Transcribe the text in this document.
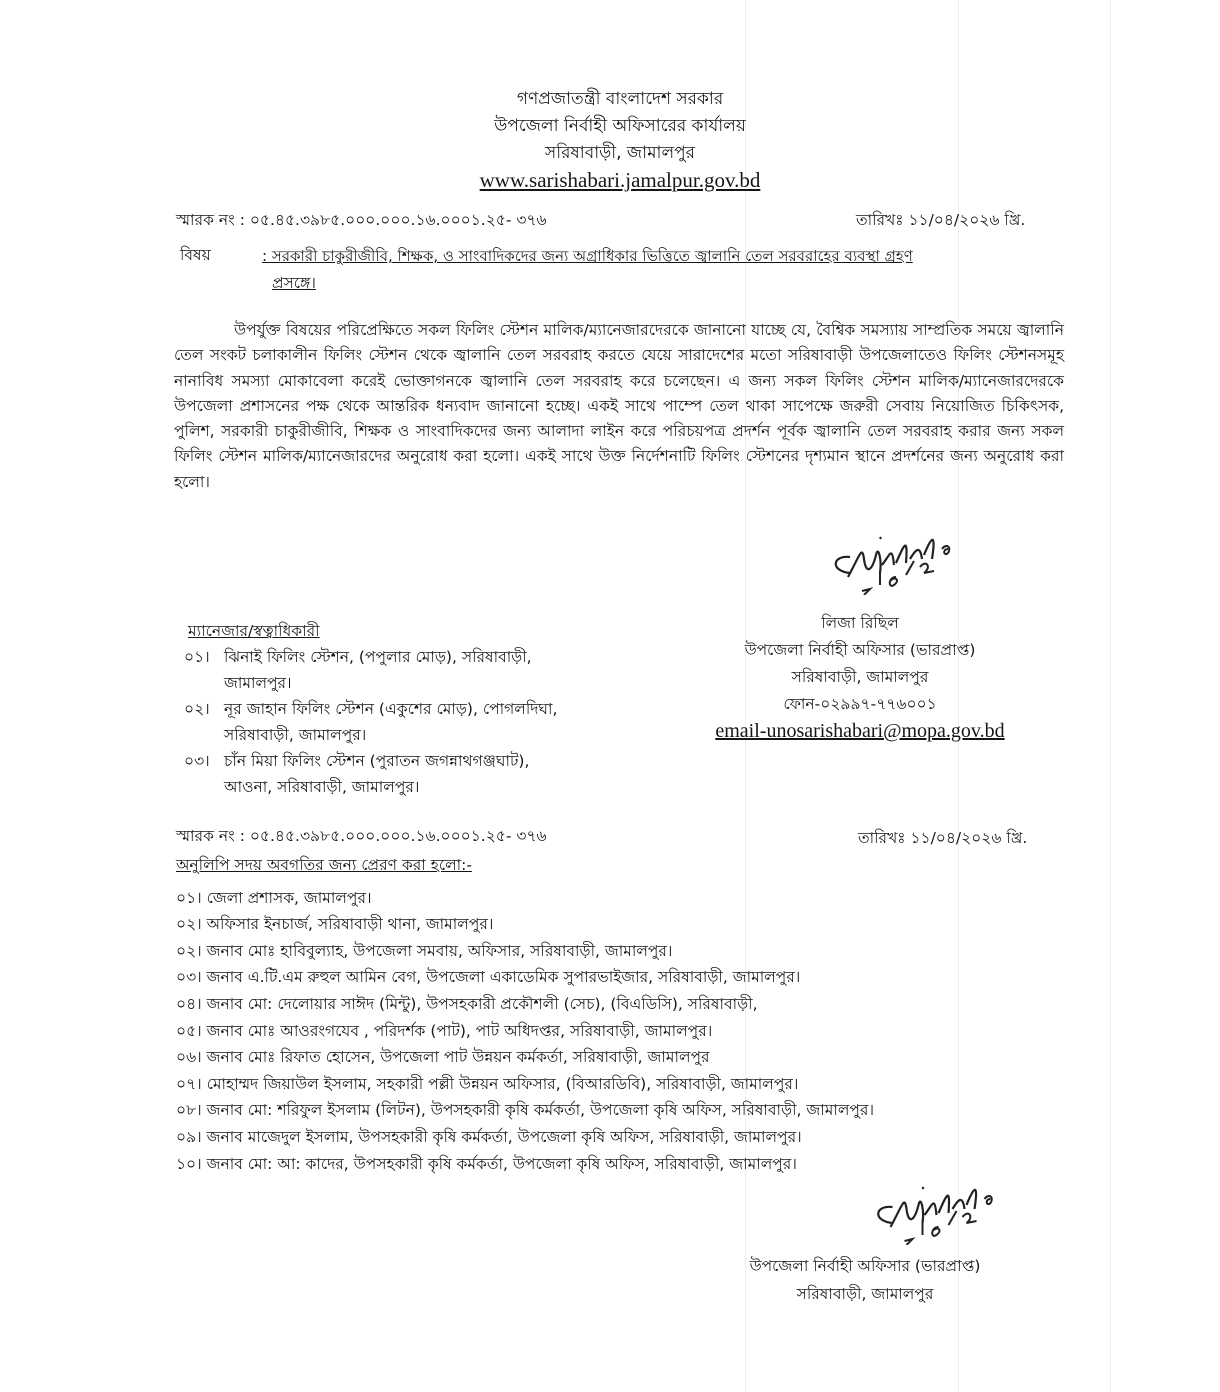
গণপ্রজাতন্ত্রী বাংলাদেশ সরকার
উপজেলা নির্বাহী অফিসারের কার্যালয়
সরিষাবাড়ী, জামালপুর
www.sarishabari.jamalpur.gov.bd
স্মারক নং : ০৫.৪৫.৩৯৮৫.০০০.০০০.১৬.০০০১.২৫- ৩৭৬	তারিখঃ ১১/০৪/২০২৬ খ্রি.
বিষয়	: সরকারী চাকুরীজীবি, শিক্ষক, ও সাংবাদিকদের জন্য অগ্রাধিকার ভিত্তিতে জ্বালানি তেল সরবরাহের ব্যবস্থা গ্রহণ
প্রসঙ্গে।
উপর্যুক্ত বিষয়ের পরিপ্রেক্ষিতে সকল ফিলিং স্টেশন মালিক/ম্যানেজারদেরকে জানানো যাচ্ছে যে, বৈশ্বিক সমস্যায় সাম্প্রতিক সময়ে জ্বালানি তেল সংকট চলাকালীন ফিলিং স্টেশন থেকে জ্বালানি তেল সরবরাহ করতে যেয়ে সারাদেশের মতো সরিষাবাড়ী উপজেলাতেও ফিলিং স্টেশনসমূহ নানাবিধ সমস্যা মোকাবেলা করেই ভোক্তাগনকে জ্বালানি তেল সরবরাহ করে চলেছেন। এ জন্য সকল ফিলিং স্টেশন মালিক/ম্যানেজারদেরকে উপজেলা প্রশাসনের পক্ষ থেকে আন্তরিক ধন্যবাদ জানানো হচ্ছে। একই সাথে পাম্পে তেল থাকা সাপেক্ষে জরুরী সেবায় নিয়োজিত চিকিৎসক, পুলিশ, সরকারী চাকুরীজীবি, শিক্ষক ও সাংবাদিকদের জন্য আলাদা লাইন করে পরিচয়পত্র প্রদর্শন পূর্বক জ্বালানি তেল সরবরাহ করার জন্য সকল ফিলিং স্টেশন মালিক/ম্যানেজারদের অনুরোধ করা হলো। একই সাথে উক্ত নির্দেশনাটি ফিলিং স্টেশনের দৃশ্যমান স্থানে প্রদর্শনের জন্য অনুরোধ করা হলো।
লিজা রিছিল
উপজেলা নির্বাহী অফিসার (ভারপ্রাপ্ত)
সরিষাবাড়ী, জামালপুর
ফোন-০২৯৯৭-৭৭৬০০১
email-unosarishabari@mopa.gov.bd
ম্যানেজার/স্বত্বাধিকারী
০১। ঝিনাই ফিলিং স্টেশন, (পপুলার মোড়), সরিষাবাড়ী,
জামালপুর।
০২। নূর জাহান ফিলিং স্টেশন (একুশের মোড়), পোগলদিঘা,
সরিষাবাড়ী, জামালপুর।
০৩। চাঁন মিয়া ফিলিং স্টেশন (পুরাতন জগন্নাথগঞ্জঘাট),
আওনা, সরিষাবাড়ী, জামালপুর।
স্মারক নং : ০৫.৪৫.৩৯৮৫.০০০.০০০.১৬.০০০১.২৫- ৩৭৬	তারিখঃ ১১/০৪/২০২৬ খ্রি.
অনুলিপি সদয় অবগতির জন্য প্রেরণ করা হলো:-
০১। জেলা প্রশাসক, জামালপুর।
০২। অফিসার ইনচার্জ, সরিষাবাড়ী থানা, জামালপুর।
০২। জনাব মোঃ হাবিবুল্যাহ, উপজেলা সমবায়, অফিসার, সরিষাবাড়ী, জামালপুর।
০৩। জনাব এ.টি.এম রুহুল আমিন বেগ, উপজেলা একাডেমিক সুপারভাইজার, সরিষাবাড়ী, জামালপুর।
০৪। জনাব মো: দেলোয়ার সাঈদ (মিন্টু), উপসহকারী প্রকৌশলী (সেচ), (বিএডিসি), সরিষাবাড়ী,
০৫। জনাব মোঃ আওরংগযেব , পরিদর্শক (পাট), পাট অধিদপ্তর, সরিষাবাড়ী, জামালপুর।
০৬। জনাব মোঃ রিফাত হোসেন, উপজেলা পাট উন্নয়ন কর্মকর্তা, সরিষাবাড়ী, জামালপুর
০৭। মোহাম্মদ জিয়াউল ইসলাম, সহকারী পল্লী উন্নয়ন অফিসার, (বিআরডিবি), সরিষাবাড়ী, জামালপুর।
০৮। জনাব মো: শরিফুল ইসলাম (লিটন), উপসহকারী কৃষি কর্মকর্তা, উপজেলা কৃষি অফিস, সরিষাবাড়ী, জামালপুর।
০৯। জনাব মাজেদুল ইসলাম, উপসহকারী কৃষি কর্মকর্তা, উপজেলা কৃষি অফিস, সরিষাবাড়ী, জামালপুর।
১০। জনাব মো: আ: কাদের, উপসহকারী কৃষি কর্মকর্তা, উপজেলা কৃষি অফিস, সরিষাবাড়ী, জামালপুর।
উপজেলা নির্বাহী অফিসার (ভারপ্রাপ্ত)
সরিষাবাড়ী, জামালপুর
